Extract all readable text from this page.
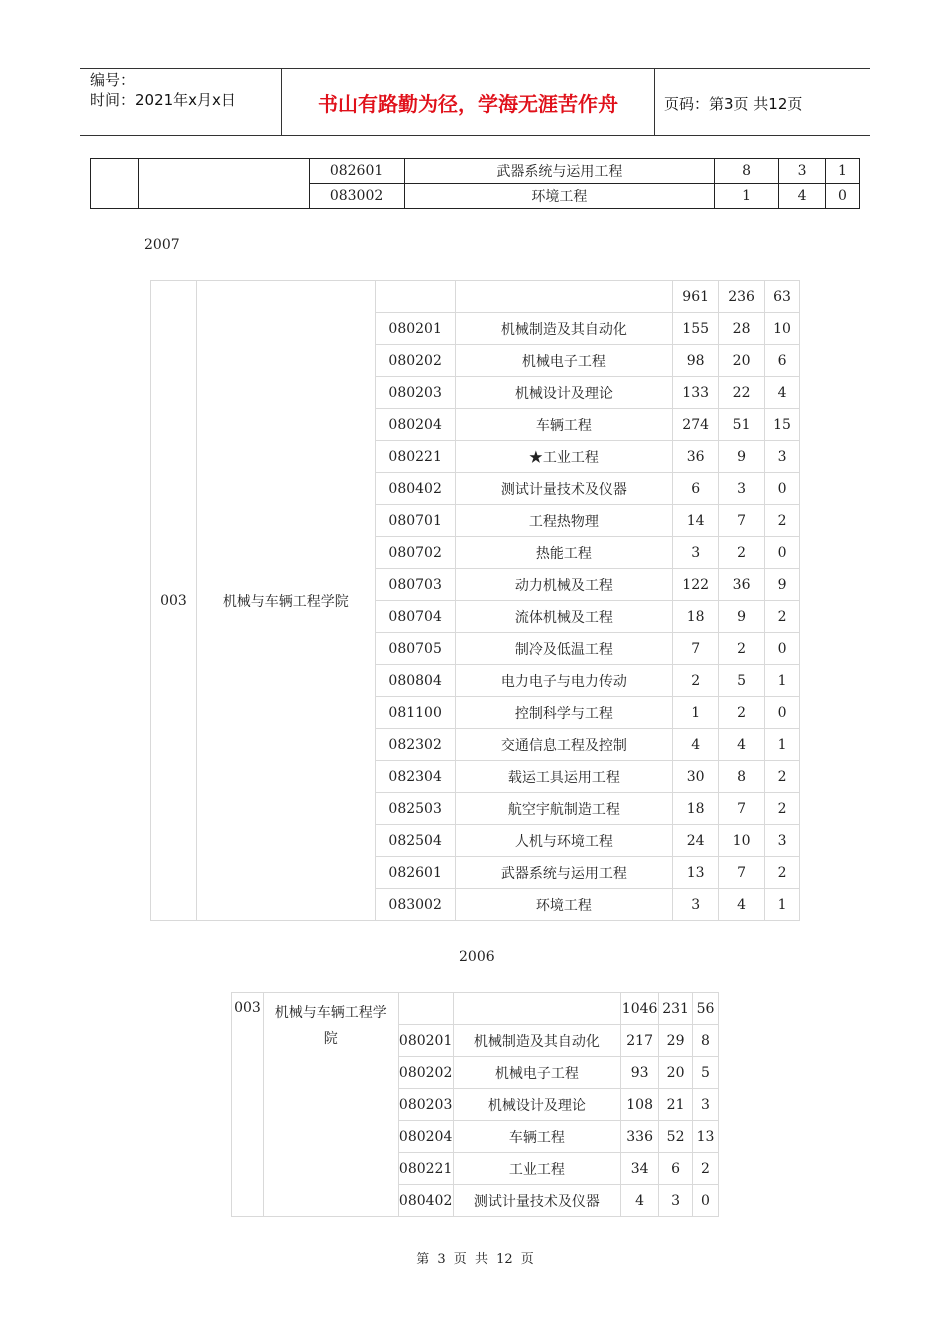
编号：
时间：2021年x月x日	书山有路勤为径，学海无涯苦作舟	页码：第3页 共12页
		082601	武器系统与运用工程	8	3	1
		083002	环境工程	1	4	0
2007
003	机械与车辆工程学院			961	236	63
		080201	机械制造及其自动化	155	28	10
		080202	机械电子工程	98	20	6
		080203	机械设计及理论	133	22	4
		080204	车辆工程	274	51	15
		080221	★工业工程	36	9	3
		080402	测试计量技术及仪器	6	3	0
		080701	工程热物理	14	7	2
		080702	热能工程	3	2	0
		080703	动力机械及工程	122	36	9
		080704	流体机械及工程	18	9	2
		080705	制冷及低温工程	7	2	0
		080804	电力电子与电力传动	2	5	1
		081100	控制科学与工程	1	2	0
		082302	交通信息工程及控制	4	4	1
		082304	载运工具运用工程	30	8	2
		082503	航空宇航制造工程	18	7	2
		082504	人机与环境工程	24	10	3
		082601	武器系统与运用工程	13	7	2
		083002	环境工程	3	4	1
2006
003	机械与车辆工程学
院			1046	231	56
		080201	机械制造及其自动化	217	29	8
		080202	机械电子工程	93	20	5
		080203	机械设计及理论	108	21	3
		080204	车辆工程	336	52	13
		080221	工业工程	34	6	2
		080402	测试计量技术及仪器	4	3	0
第 3 页 共 12 页
